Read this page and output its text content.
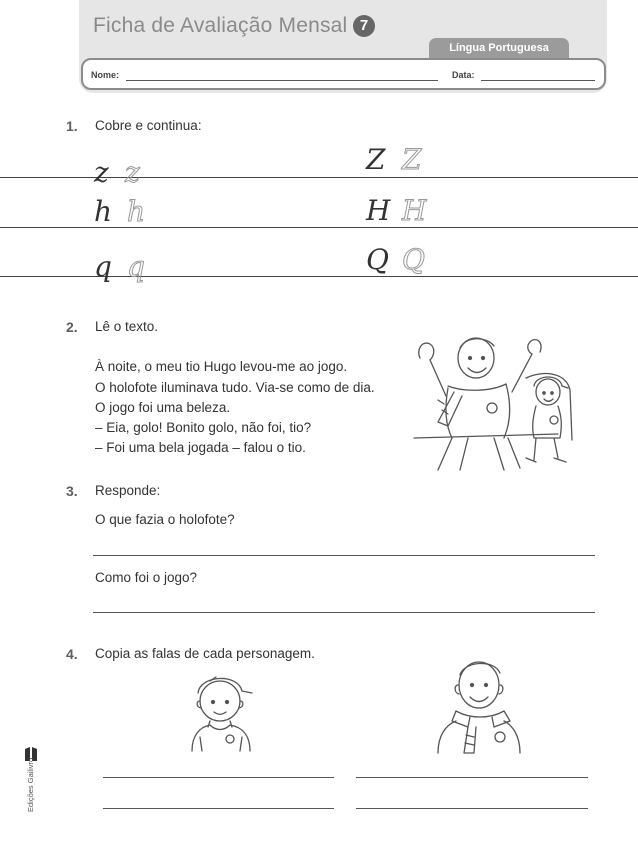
Ficha de Avaliação Mensal 7
Língua Portuguesa
Nome:	Data:
1. Cobre e continua:
z z	Z Z
h h	H H
q q	Q Q
2. Lê o texto.
À noite, o meu tio Hugo levou-me ao jogo.
O holofote iluminava tudo. Via-se como de dia.
O jogo foi uma beleza.
– Eia, golo! Bonito golo, não foi, tio?
– Foi uma bela jogada – falou o tio.
3. Responde:
O que fazia o holofote?
Como foi o jogo?
4. Copia as falas de cada personagem.
Edições Gailivro
